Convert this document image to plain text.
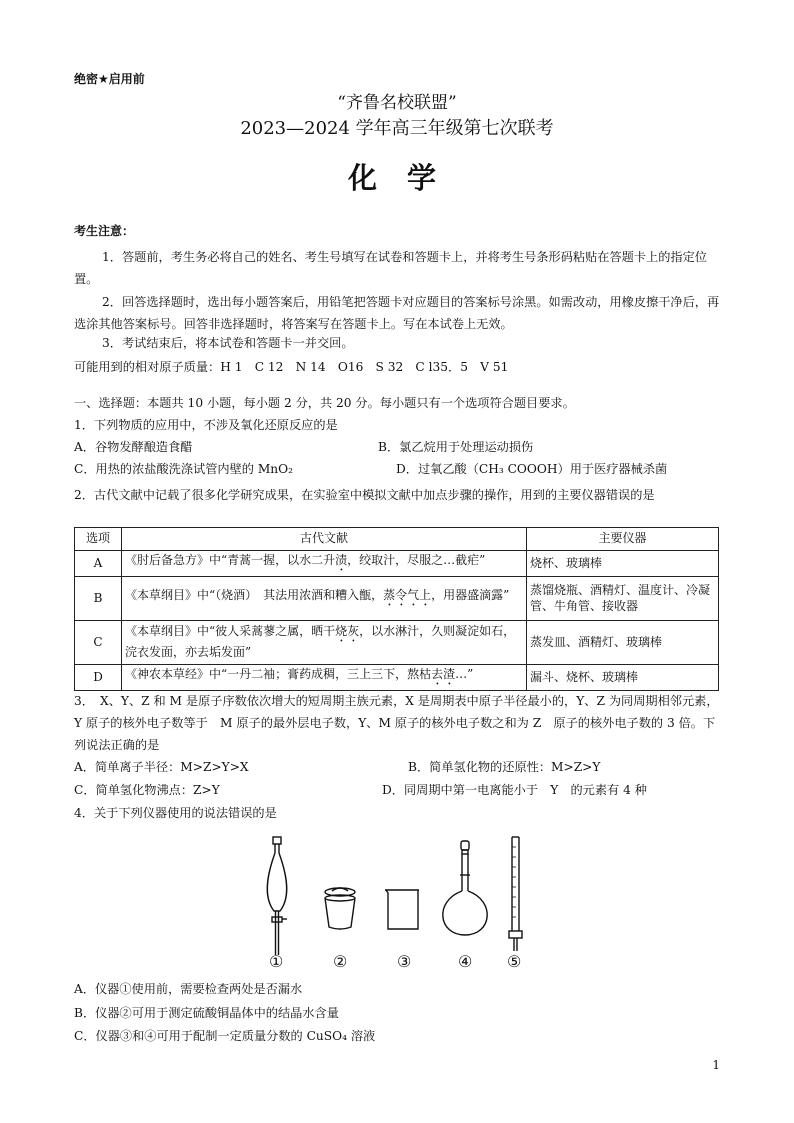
绝密★启用前
“齐鲁名校联盟”
2023—2024 学年高三年级第七次联考
化 学
考生注意：
1．答题前，考生务必将自己的姓名、考生号填写在试卷和答题卡上，并将考生号条形码粘贴在答题卡上的指定位置。
2．回答选择题时，选出每小题答案后，用铅笔把答题卡对应题目的答案标号涂黑。如需改动，用橡皮擦干净后，再选涂其他答案标号。回答非选择题时，将答案写在答题卡上。写在本试卷上无效。
3．考试结束后，将本试卷和答题卡一并交回。
可能用到的相对原子质量：H 1　C 12　N 14　O16　S 32　C l35．5　V 51
一、选择题：本题共 10 小题，每小题 2 分，共 20 分。每小题只有一个选项符合题目要求。
1．下列物质的应用中，不涉及氧化还原反应的是
A．谷物发酵酿造食醋	B．氯乙烷用于处理运动损伤
C．用热的浓盐酸洗涤试管内壁的 MnO₂	D．过氧乙酸（CH₃ COOOH）用于医疗器械杀菌
2．古代文献中记载了很多化学研究成果，在实验室中模拟文献中加点步骤的操作，用到的主要仪器错误的是
选项	古代文献	主要仪器
A	《肘后备急方》中“青蒿一握，以水二升渍，绞取汁，尽服之…截疟”	烧杯、玻璃棒
B	《本草纲目》中“（烧酒）　其法用浓酒和糟入甑，蒸令气上，用器盛滴露”	蒸馏烧瓶、酒精灯、温度计、冷凝管、牛角管、接收器
C	《本草纲目》中“彼人采蒿蓼之属，晒干烧灰，以水淋汁，久则凝淀如石，浣衣发面，亦去垢发面”	蒸发皿、酒精灯、玻璃棒
D	《神农本草经》中“一丹二袖；膏药成稠，三上三下，熬枯去渣…”	漏斗、烧杯、玻璃棒
3．　X、Y、Z 和 M 是原子序数依次增大的短周期主族元素，X 是周期表中原子半径最小的，Y、Z 为同周期相邻元素，Y 原子的核外电子数等于　M 原子的最外层电子数，Y、M 原子的核外电子数之和为 Z　原子的核外电子数的 3 倍。下列说法正确的是
A．简单离子半径：M>Z>Y>X	B．简单氢化物的还原性：M>Z>Y
C．简单氢化物沸点：Z>Y	D．同周期中第一电离能小于　Y　的元素有 4 种
4．关于下列仪器使用的说法错误的是
①	②	③	④ ⑤
A．仪器①使用前，需要检查两处是否漏水
B．仪器②可用于测定硫酸铜晶体中的结晶水含量
C．仪器③和④可用于配制一定质量分数的 CuSO₄ 溶液
1
